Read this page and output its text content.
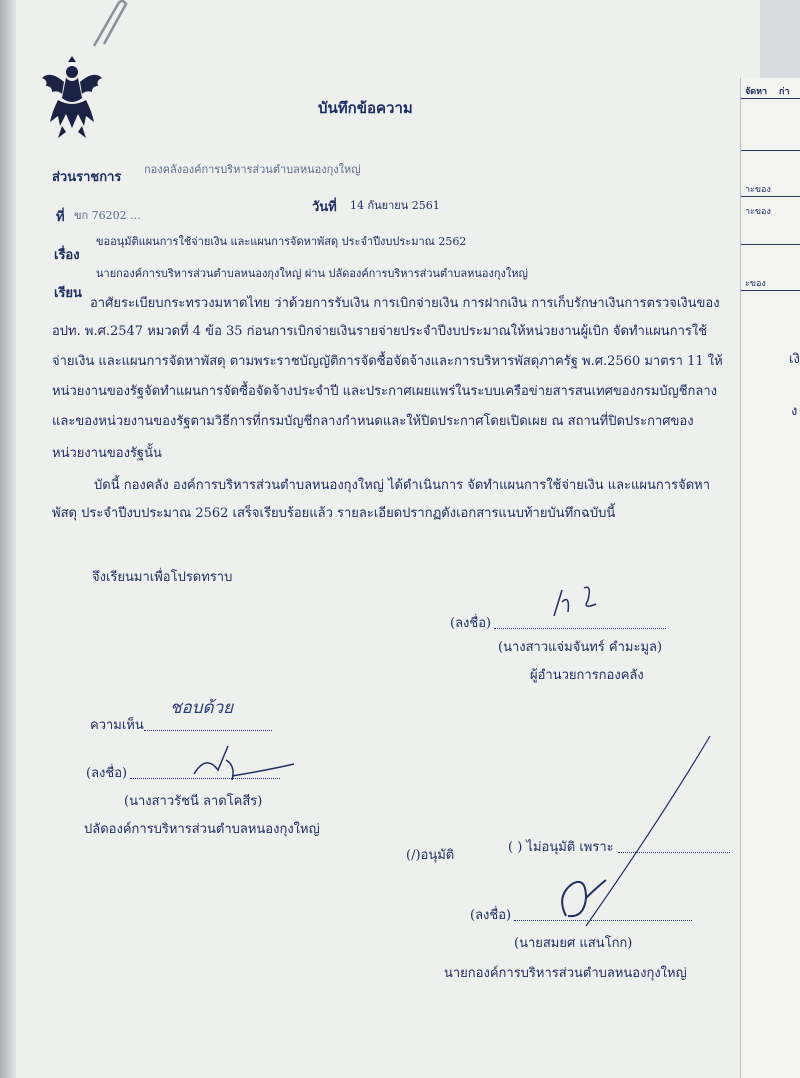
บันทึกข้อความ
ส่วนราชการ
กองคลังองค์การบริหารส่วนตำบลหนองกุงใหญ่
ที่ ขก 76202 ...
วันที่ 14 กันยายน 2561
เรื่อง
ขออนุมัติแผนการใช้จ่ายเงิน และแผนการจัดหาพัสดุ ประจำปีงบประมาณ 2562
เรียน
นายกองค์การบริหารส่วนตำบลหนองกุงใหญ่ ผ่าน ปลัดองค์การบริหารส่วนตำบลหนองกุงใหญ่
อาศัยระเบียบกระทรวงมหาดไทย ว่าด้วยการรับเงิน การเบิกจ่ายเงิน การฝากเงิน การเก็บรักษาเงินการตรวจเงินของ
อปท. พ.ศ.2547 หมวดที่ 4 ข้อ 35 ก่อนการเบิกจ่ายเงินรายจ่ายประจำปีงบประมาณให้หน่วยงานผู้เบิก จัดทำแผนการใช้
จ่ายเงิน และแผนการจัดหาพัสดุ ตามพระราชบัญญัติการจัดซื้อจัดจ้างและการบริหารพัสดุภาครัฐ พ.ศ.2560 มาตรา 11 ให้
หน่วยงานของรัฐจัดทำแผนการจัดซื้อจัดจ้างประจำปี และประกาศเผยแพร่ในระบบเครือข่ายสารสนเทศของกรมบัญชีกลาง
และของหน่วยงานของรัฐตามวิธีการที่กรมบัญชีกลางกำหนดและให้ปิดประกาศโดยเปิดเผย ณ สถานที่ปิดประกาศของ
หน่วยงานของรัฐนั้น
บัดนี้ กองคลัง องค์การบริหารส่วนตำบลหนองกุงใหญ่ ได้ดำเนินการ จัดทำแผนการใช้จ่ายเงิน และแผนการจัดหา
พัสดุ ประจำปีงบประมาณ 2562 เสร็จเรียบร้อยแล้ว รายละเอียดปรากฏดังเอกสารแนบท้ายบันทึกฉบับนี้
จึงเรียนมาเพื่อโปรดทราบ
(ลงชื่อ)
(นางสาวแจ่มจันทร์ คำมะมูล)
ผู้อำนวยการกองคลัง
ความเห็น
ชอบด้วย
(ลงชื่อ)
(นางสาวรัชนี ลาดโคสีร)
ปลัดองค์การบริหารส่วนตำบลหนองกุงใหญ่
(/)อนุมัติ
( ) ไม่อนุมัติ เพราะ
(ลงชื่อ)
(นายสมยศ แสนโกก)
นายกองค์การบริหารส่วนตำบลหนองกุงใหญ่
จัดหา ก่า
าะของ
าะของ
ะของ
เงิ
ง
